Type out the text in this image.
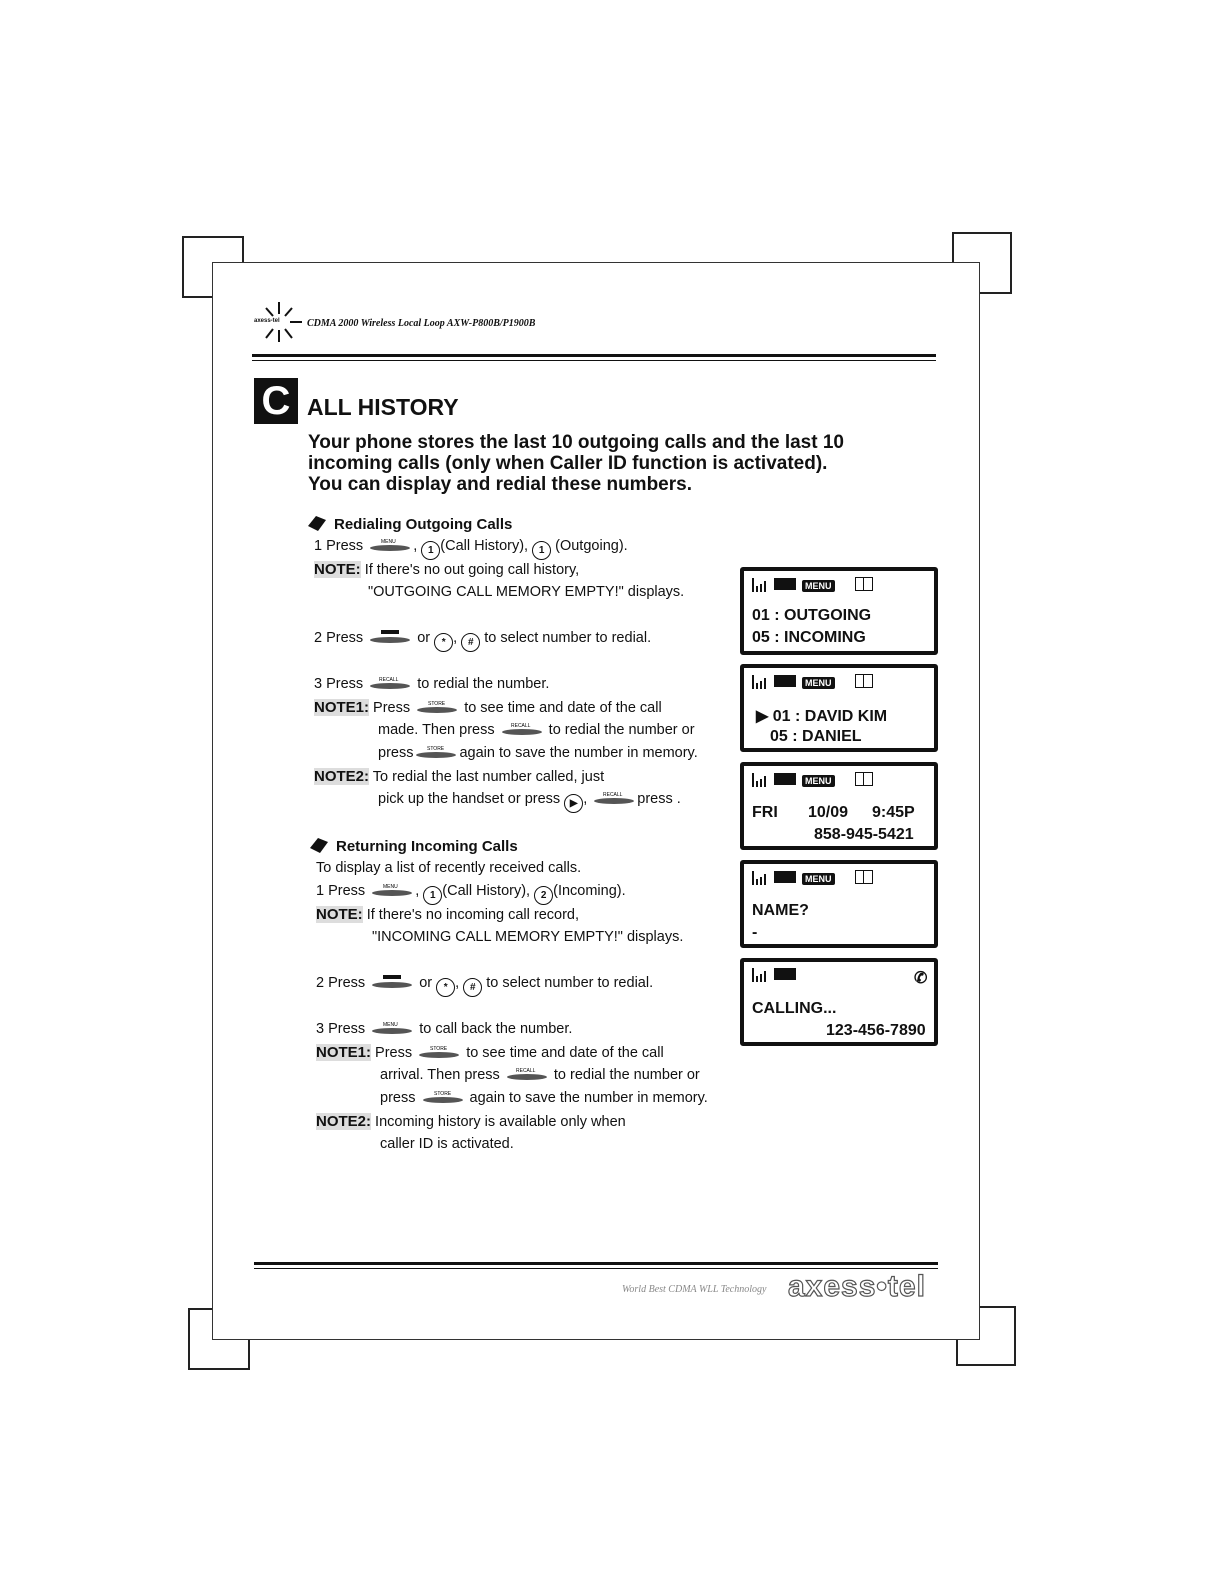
axess-tel	CDMA 2000 Wireless Local Loop AXW-P800B/P1900B
C ALL HISTORY
Your phone stores the last 10 outgoing calls and the last 10
incoming calls (only when Caller ID function is activated).
You can display and redial these numbers.
Redialing Outgoing Calls
1 Press	MENU , 1 (Call History), 1 (Outgoing).
NOTE: If there's no out going call history,
"OUTGOING CALL MEMORY EMPTY!" displays.
2 Press	or * , # to select number to redial.
3 Press	RECALL to redial the number.
NOTE1: Press	STORE to see time and date of the call
made. Then press	RECALL to redial the number or
press	STORE again to save the number in memory.
NOTE2: To redial the last number called, just
pick up the handset or press ▶ ,	RECALL press .
Returning Incoming Calls
To display a list of recently received calls.
1 Press	MENU , 1 (Call History), 2 (Incoming).
NOTE: If there's no incoming call record,
"INCOMING CALL MEMORY EMPTY!" displays.
2 Press	or * , # to select number to redial.
3 Press	MENU to call back the number.
NOTE1: Press	STORE to see time and date of the call
arrival. Then press	RECALL to redial the number or
press	STORE again to save the number in memory.
NOTE2: Incoming history is available only when
caller ID is activated.
MENU
01 : OUTGOING
05 : INCOMING
MENU
▶ 01 : DAVID KIM
05 : DANIEL
MENU
FRI 10/09 9:45P
858-945-5421
MENU
NAME?
-
✆
CALLING...
123-456-7890
World Best CDMA WLL Technology axess•tel
